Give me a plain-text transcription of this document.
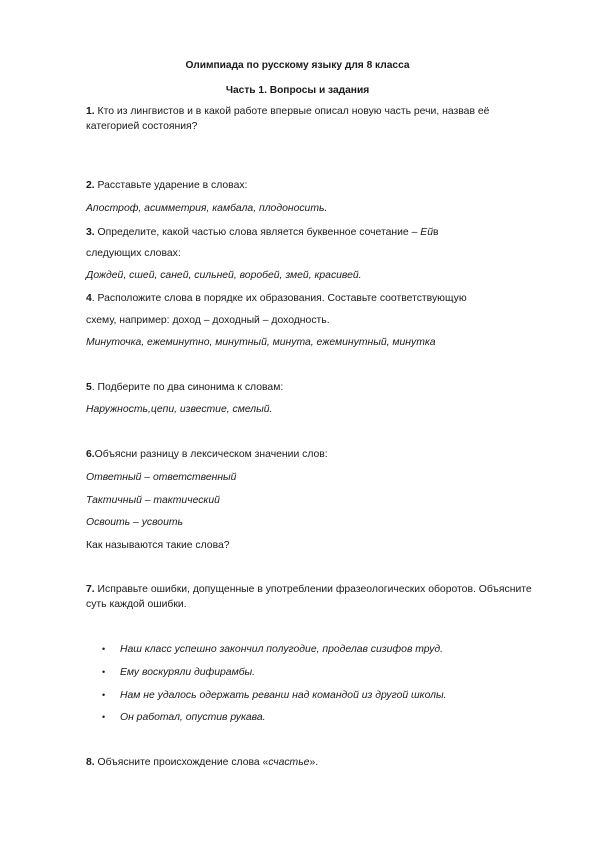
Олимпиада по русскому языку для 8 класса
Часть 1. Вопросы и задания
1. Кто из лингвистов и в какой работе впервые описал новую часть речи, назвав её
категорией состояния?
2. Расставьте ударение в словах:
Апостроф, асимметрия, камбала, плодоносить.
3. Определите, какой частью слова является буквенное сочетание – Ейв
следующих словах:
Дождей, сшей, саней, сильней, воробей, змей, красивей.
4. Расположите слова в порядке их образования. Составьте соответствующую
схему, например: доход – доходный – доходность.
Минуточка, ежеминутно, минутный, минута, ежеминутный, минутка
5. Подберите по два синонима к словам:
Наружность,цепи, известие, смелый.
6.Объясни разницу в лексическом значении слов:
Ответный – ответственный
Тактичный – тактический
Освоить – усвоить
Как называются такие слова?
7. Исправьте ошибки, допущенные в употреблении фразеологических оборотов. Объясните
суть каждой ошибки.
• Наш класс успешно закончил полугодие, проделав сизифов труд.
• Ему воскуряли дифирамбы.
• Нам не удалось одержать реванш над командой из другой школы.
• Он работал, опустив рукава.
8. Объясните происхождение слова «счастье».
